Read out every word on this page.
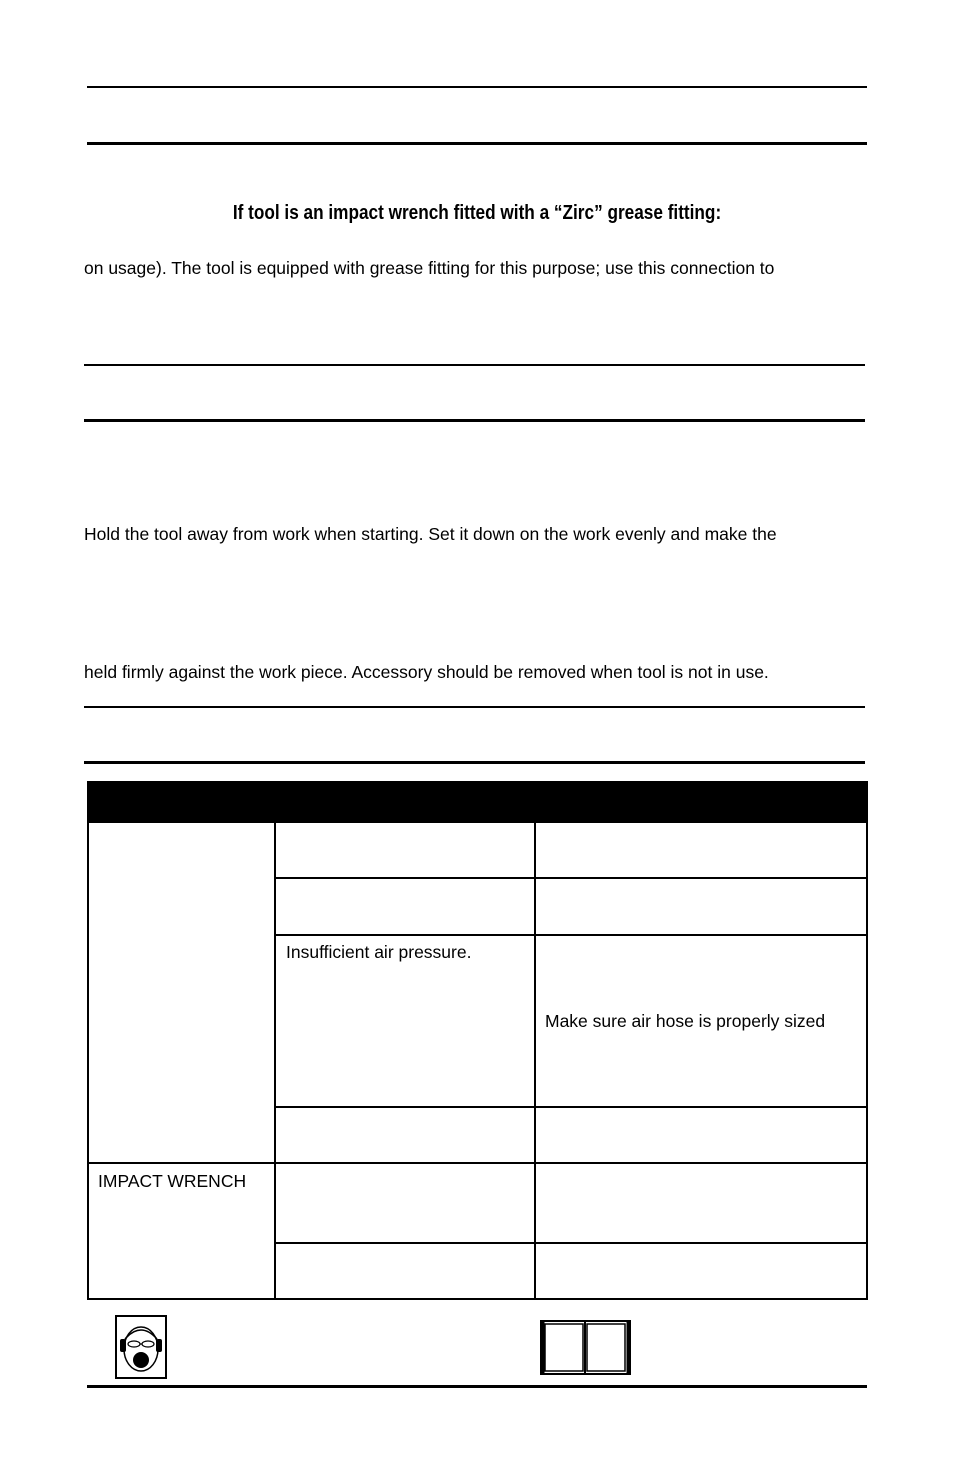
If tool is an impact wrench fitted with a “Zirc” grease fitting:
on usage). The tool is equipped with grease fitting for this purpose; use this connection to
Hold the tool away from work when starting. Set it down on the work evenly and make the
held firmly against the work piece. Accessory should be removed when tool is not in use.
Insufficient air pressure.
Make sure air hose is properly sized
IMPACT WRENCH
